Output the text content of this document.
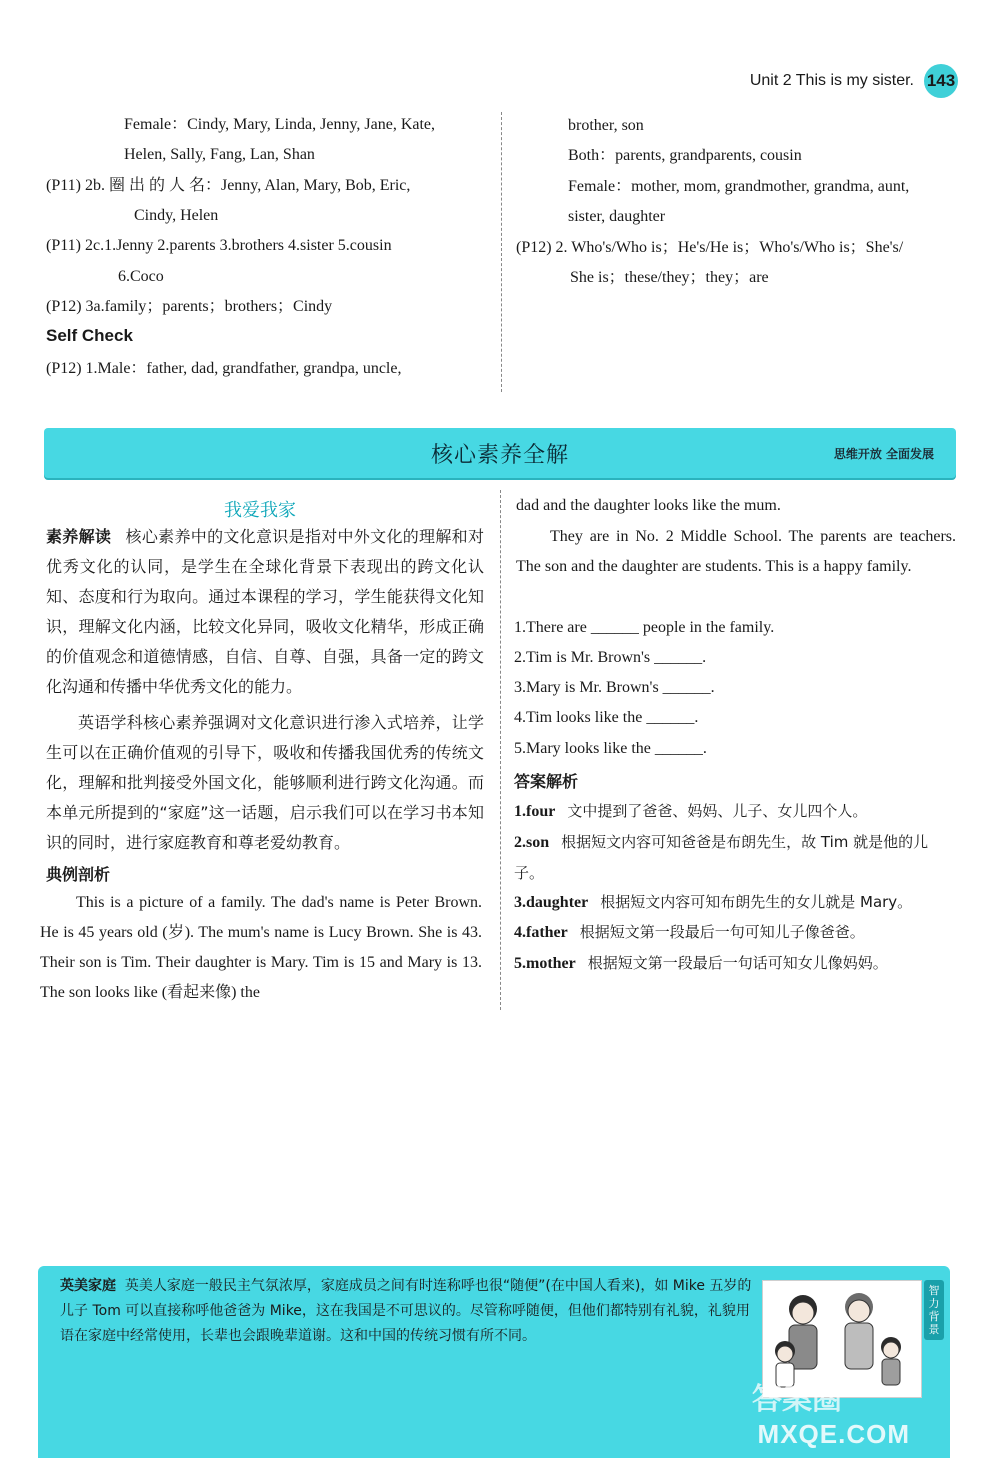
Unit 2 This is my sister. 143
Female：Cindy, Mary, Linda, Jenny, Jane, Kate,
Helen, Sally, Fang, Lan, Shan
(P11) 2b. 圈 出 的 人 名：Jenny, Alan, Mary, Bob, Eric,
Cindy, Helen
(P11) 2c.1.Jenny 2.parents 3.brothers 4.sister 5.cousin
6.Coco
(P12) 3a.family；parents；brothers；Cindy
Self Check
(P12) 1.Male：father, dad, grandfather, grandpa, uncle,
brother, son
Both：parents, grandparents, cousin
Female：mother, mom, grandmother, grandma, aunt,
sister, daughter
(P12) 2. Who's/Who is；He's/He is；Who's/Who is；She's/
She is；these/they；they；are
核心素养全解	思维开放 全面发展
我爱我家
素养解读 核心素养中的文化意识是指对中外文化的理解和对优秀文化的认同，是学生在全球化背景下表现出的跨文化认知、态度和行为取向。通过本课程的学习，学生能获得文化知识，理解文化内涵，比较文化异同，吸收文化精华，形成正确的价值观念和道德情感，自信、自尊、自强，具备一定的跨文化沟通和传播中华优秀文化的能力。
英语学科核心素养强调对文化意识进行渗入式培养，让学生可以在正确价值观的引导下，吸收和传播我国优秀的传统文化，理解和批判接受外国文化，能够顺利进行跨文化沟通。而本单元所提到的“家庭”这一话题，启示我们可以在学习书本知识的同时，进行家庭教育和尊老爱幼教育。
典例剖析
This is a picture of a family. The dad's name is Peter Brown. He is 45 years old (岁). The mum's name is Lucy Brown. She is 43. Their son is Tim. Their daughter is Mary. Tim is 15 and Mary is 13. The son looks like (看起来像) the
dad and the daughter looks like the mum.
They are in No. 2 Middle School. The parents are teachers. The son and the daughter are students. This is a happy family.
1.There are ______ people in the family.
2.Tim is Mr. Brown's ______.
3.Mary is Mr. Brown's ______.
4.Tim looks like the ______.
5.Mary looks like the ______.
答案解析
1.four 文中提到了爸爸、妈妈、儿子、女儿四个人。
2.son 根据短文内容可知爸爸是布朗先生，故 Tim 就是他的儿子。
3.daughter 根据短文内容可知布朗先生的女儿就是 Mary。
4.father 根据短文第一段最后一句可知儿子像爸爸。
5.mother 根据短文第一段最后一句话可知女儿像妈妈。
英美家庭 英美人家庭一般民主气氛浓厚，家庭成员之间有时连称呼也很“随便”(在中国人看来)，如 Mike 五岁的儿子 Tom 可以直接称呼他爸爸为 Mike，这在我国是不可思议的。尽管称呼随便，但他们都特别有礼貌，礼貌用语在家庭中经常使用，长辈也会跟晚辈道谢。这和中国的传统习惯有所不同。
智力背景
答案圈
MXQE.COM
